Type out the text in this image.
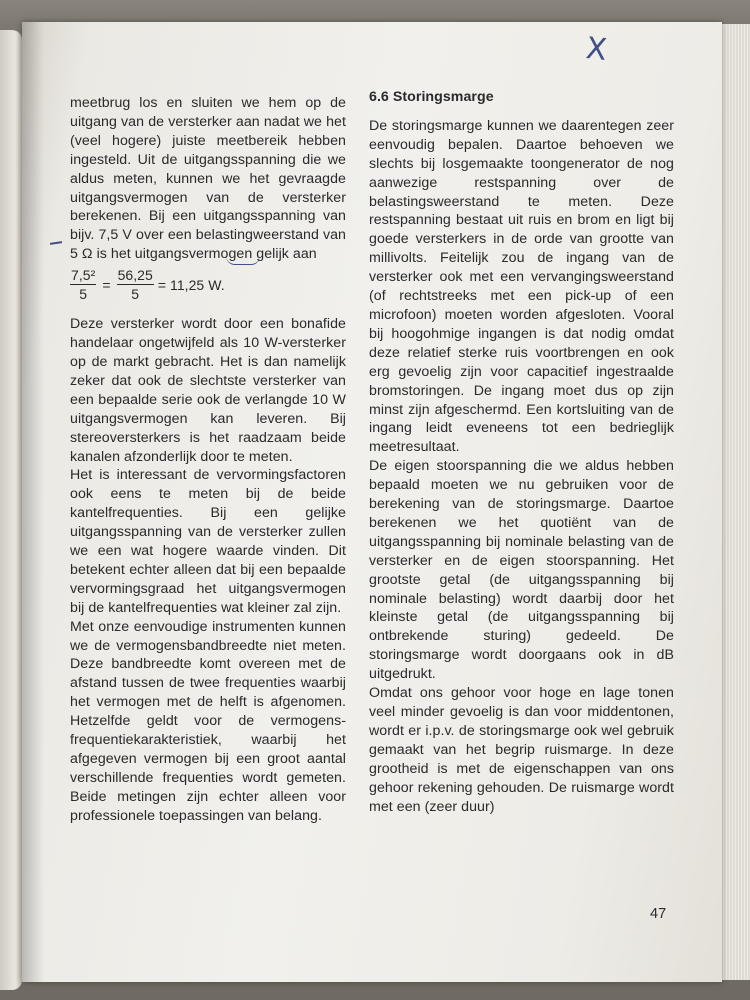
X

meetbrug los en sluiten we hem op de uitgang van de versterker aan nadat we het (veel hogere) juiste meetbereik hebben ingesteld. Uit de uitgangsspanning die we aldus meten, kunnen we het gevraagde uitgangsvermogen van de versterker berekenen. Bij een uitgangsspanning van bijv. 7,5 V over een belastingweerstand van 5 Ω is het uitgangsvermogen gelijk aan

$\frac{\text{7,5²}}{5} = \frac{56,25}{5} = 11,25$ W.

Deze versterker wordt door een bonafide handelaar ongetwijfeld als 10 W-versterker op de markt gebracht. Het is dan namelijk zeker dat ook de slechtste versterker van een bepaalde serie ook de verlangde 10 W uitgangsvermogen kan leveren. Bij stereoversterkers is het raadzaam beide kanalen afzonderlijk door te meten.

Het is interessant de vervormingsfactoren ook eens te meten bij de beide kantelfrequenties. Bij een gelijke uitgangsspanning van de versterker zullen we een wat hogere waarde vinden. Dit betekent echter alleen dat bij een bepaalde vervormingsgraad het uitgangsvermogen bij de kantelfrequenties wat kleiner zal zijn.

Met onze eenvoudige instrumenten kunnen we de vermogensbandbreedte niet meten. Deze bandbreedte komt overeen met de afstand tussen de twee frequenties waarbij het vermogen met de helft is afgenomen. Hetzelfde geldt voor de vermogens-frequentiekarakteristiek, waarbij het afgegeven vermogen bij een groot aantal verschillende frequenties wordt gemeten. Beide metingen zijn echter alleen voor professionele toepassingen van belang.

6.6 Storingsmarge

De storingsmarge kunnen we daarentegen zeer eenvoudig bepalen. Daartoe behoeven we slechts bij losgemaakte toongenerator de nog aanwezige restspanning over de belastingsweerstand te meten. Deze restspanning bestaat uit ruis en brom en ligt bij goede versterkers in de orde van grootte van millivolts. Feitelijk zou de ingang van de versterker ook met een vervangingsweerstand (of rechtstreeks met een pick-up of een microfoon) moeten worden afgesloten. Vooral bij hoogohmige ingangen is dat nodig omdat deze relatief sterke ruis voortbrengen en ook erg gevoelig zijn voor capacitief ingestraalde bromstoringen. De ingang moet dus op zijn minst zijn afgeschermd. Een kortsluiting van de ingang leidt eveneens tot een bedrieglijk meetresultaat.

De eigen stoorspanning die we aldus hebben bepaald moeten we nu gebruiken voor de berekening van de storingsmarge. Daartoe berekenen we het quotiënt van de uitgangsspanning bij nominale belasting van de versterker en de eigen stoorspanning. Het grootste getal (de uitgangsspanning bij nominale belasting) wordt daarbij door het kleinste getal (de uitgangsspanning bij ontbrekende sturing) gedeeld. De storingsmarge wordt doorgaans ook in dB uitgedrukt.

Omdat ons gehoor voor hoge en lage tonen veel minder gevoelig is dan voor middentonen, wordt er i.p.v. de storingsmarge ook wel gebruik gemaakt van het begrip ruismarge. In deze grootheid is met de eigenschappen van ons gehoor rekening gehouden. De ruismarge wordt met een (zeer duur)

47
